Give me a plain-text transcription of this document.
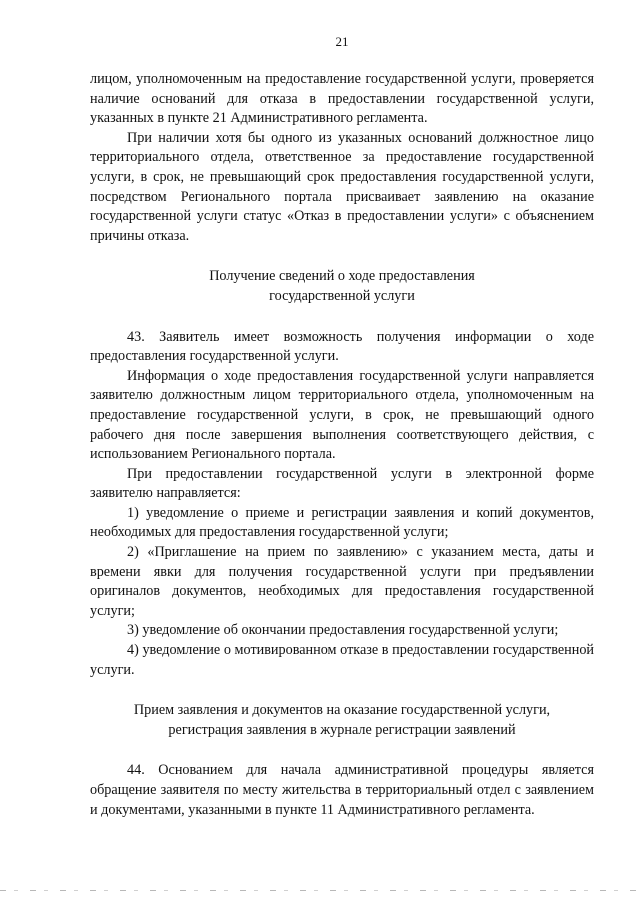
21

лицом, уполномоченным на предоставление государственной услуги, проверяется наличие оснований для отказа в предоставлении государственной услуги, указанных в пункте 21 Административного регламента.

При наличии хотя бы одного из указанных оснований должностное лицо территориального отдела, ответственное за предоставление государственной услуги, в срок, не превышающий срок предоставления государственной услуги, посредством Регионального портала присваивает заявлению на оказание государственной услуги статус «Отказ в предоставлении услуги» с объяснением причины отказа.

Получение сведений о ходе предоставления
государственной услуги

43. Заявитель имеет возможность получения информации о ходе предоставления государственной услуги.

Информация о ходе предоставления государственной услуги направляется заявителю должностным лицом территориального отдела, уполномоченным на предоставление государственной услуги, в срок, не превышающий одного рабочего дня после завершения выполнения соответствующего действия, с использованием Регионального портала.

При предоставлении государственной услуги в электронной форме заявителю направляется:

1) уведомление о приеме и регистрации заявления и копий документов, необходимых для предоставления государственной услуги;

2) «Приглашение на прием по заявлению» с указанием места, даты и времени явки для получения государственной услуги при предъявлении оригиналов документов, необходимых для предоставления государственной услуги;

3) уведомление об окончании предоставления государственной услуги;

4) уведомление о мотивированном отказе в предоставлении государственной услуги.

Прием заявления и документов на оказание государственной услуги,
регистрация заявления в журнале регистрации заявлений

44. Основанием для начала административной процедуры является обращение заявителя по месту жительства в территориальный отдел с заявлением и документами, указанными в пункте 11 Административного регламента.
